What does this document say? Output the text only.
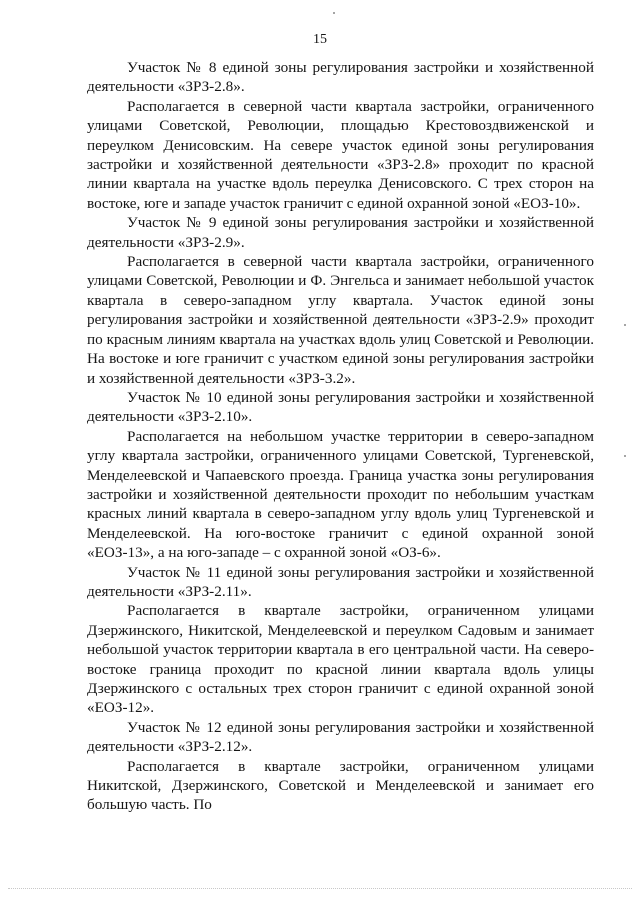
15

Участок № 8 единой зоны регулирования застройки и хозяйственной деятельности «ЗРЗ-2.8».

Располагается в северной части квартала застройки, ограниченного улицами Советской, Революции, площадью Крестовоздвиженской и переулком Денисовским. На севере участок единой зоны регулирования застройки и хозяйственной деятельности «ЗРЗ-2.8» проходит по красной линии квартала на участке вдоль переулка Денисовского. С трех сторон на востоке, юге и западе участок граничит с единой охранной зоной «ЕОЗ-10».

Участок № 9 единой зоны регулирования застройки и хозяйственной деятельности «ЗРЗ-2.9».

Располагается в северной части квартала застройки, ограниченного улицами Советской, Революции и Ф. Энгельса и занимает небольшой участок квартала в северо-западном углу квартала. Участок единой зоны регулирования застройки и хозяйственной деятельности «ЗРЗ-2.9» проходит по красным линиям квартала на участках вдоль улиц Советской и Революции. На востоке и юге граничит с участком единой зоны регулирования застройки и хозяйственной деятельности «ЗРЗ-3.2».

Участок № 10 единой зоны регулирования застройки и хозяйственной деятельности «ЗРЗ-2.10».

Располагается на небольшом участке территории в северо-западном углу квартала застройки, ограниченного улицами Советской, Тургеневской, Менделеевской и Чапаевского проезда. Граница участка зоны регулирования застройки и хозяйственной деятельности проходит по небольшим участкам красных линий квартала в северо-западном углу вдоль улиц Тургеневской и Менделеевской. На юго-востоке граничит с единой охранной зоной «ЕОЗ-13», а на юго-западе – с охранной зоной «ОЗ-6».

Участок № 11 единой зоны регулирования застройки и хозяйственной деятельности «ЗРЗ-2.11».

Располагается в квартале застройки, ограниченном улицами Дзержинского, Никитской, Менделеевской и переулком Садовым и занимает небольшой участок территории квартала в его центральной части. На северо-востоке граница проходит по красной линии квартала вдоль улицы Дзержинского с остальных трех сторон граничит с единой охранной зоной «ЕОЗ-12».

Участок № 12 единой зоны регулирования застройки и хозяйственной деятельности «ЗРЗ-2.12».

Располагается в квартале застройки, ограниченном улицами Никитской, Дзержинского, Советской и Менделеевской и занимает его большую часть. По
